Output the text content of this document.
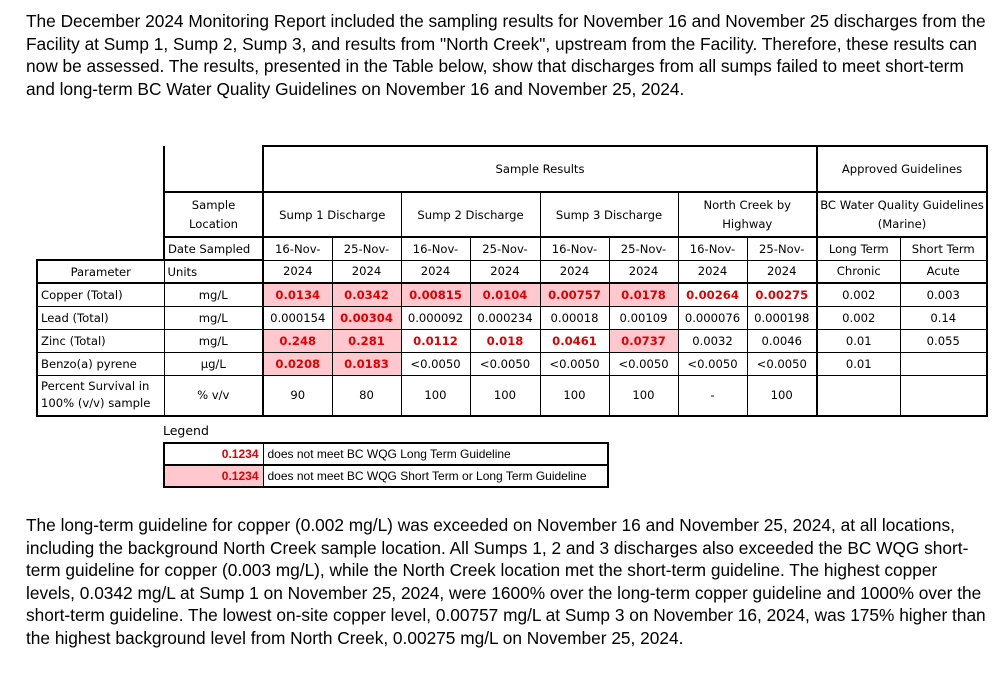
The December 2024 Monitoring Report included the sampling results for November 16 and November 25 discharges from the Facility at Sump 1, Sump 2, Sump 3, and results from "North Creek", upstream from the Facility. Therefore, these results can now be assessed. The results, presented in the Table below, show that discharges from all sumps failed to meet short-term and long-term BC Water Quality Guidelines on November 16 and November 25, 2024.

		Sample Results								Approved Guidelines	
	Sample Location	Sump 1 Discharge		Sump 2 Discharge		Sump 3 Discharge		North Creek by Highway		BC Water Quality Guidelines (Marine)	
	Date Sampled	16-Nov-	25-Nov-	16-Nov-	25-Nov-	16-Nov-	25-Nov-	16-Nov-	25-Nov-	Long Term	Short Term
Parameter	Units	2024	2024	2024	2024	2024	2024	2024	2024	Chronic	Acute
Copper (Total)	mg/L	0.0134	0.0342	0.00815	0.0104	0.00757	0.0178	0.00264	0.00275	0.002	0.003
Lead (Total)	mg/L	0.000154	0.00304	0.000092	0.000234	0.00018	0.00109	0.000076	0.000198	0.002	0.14
Zinc (Total)	mg/L	0.248	0.281	0.0112	0.018	0.0461	0.0737	0.0032	0.0046	0.01	0.055
Benzo(a) pyrene	µg/L	0.0208	0.0183	<0.0050	<0.0050	<0.0050	<0.0050	<0.0050	<0.0050	0.01	
Percent Survival in 100% (v/v) sample	% v/v	90	80	100	100	100	100	-	100		
Legend
0.1234	does not meet BC WQG Long Term Guideline
0.1234	does not meet BC WQG Short Term or Long Term Guideline

The long-term guideline for copper (0.002 mg/L) was exceeded on November 16 and November 25, 2024, at all locations, including the background North Creek sample location. All Sumps 1, 2 and 3 discharges also exceeded the BC WQG short-term guideline for copper (0.003 mg/L), while the North Creek location met the short-term guideline. The highest copper levels, 0.0342 mg/L at Sump 1 on November 25, 2024, were 1600% over the long-term copper guideline and 1000% over the short-term guideline. The lowest on-site copper level, 0.00757 mg/L at Sump 3 on November 16, 2024, was 175% higher than the highest background level from North Creek, 0.00275 mg/L on November 25, 2024.
